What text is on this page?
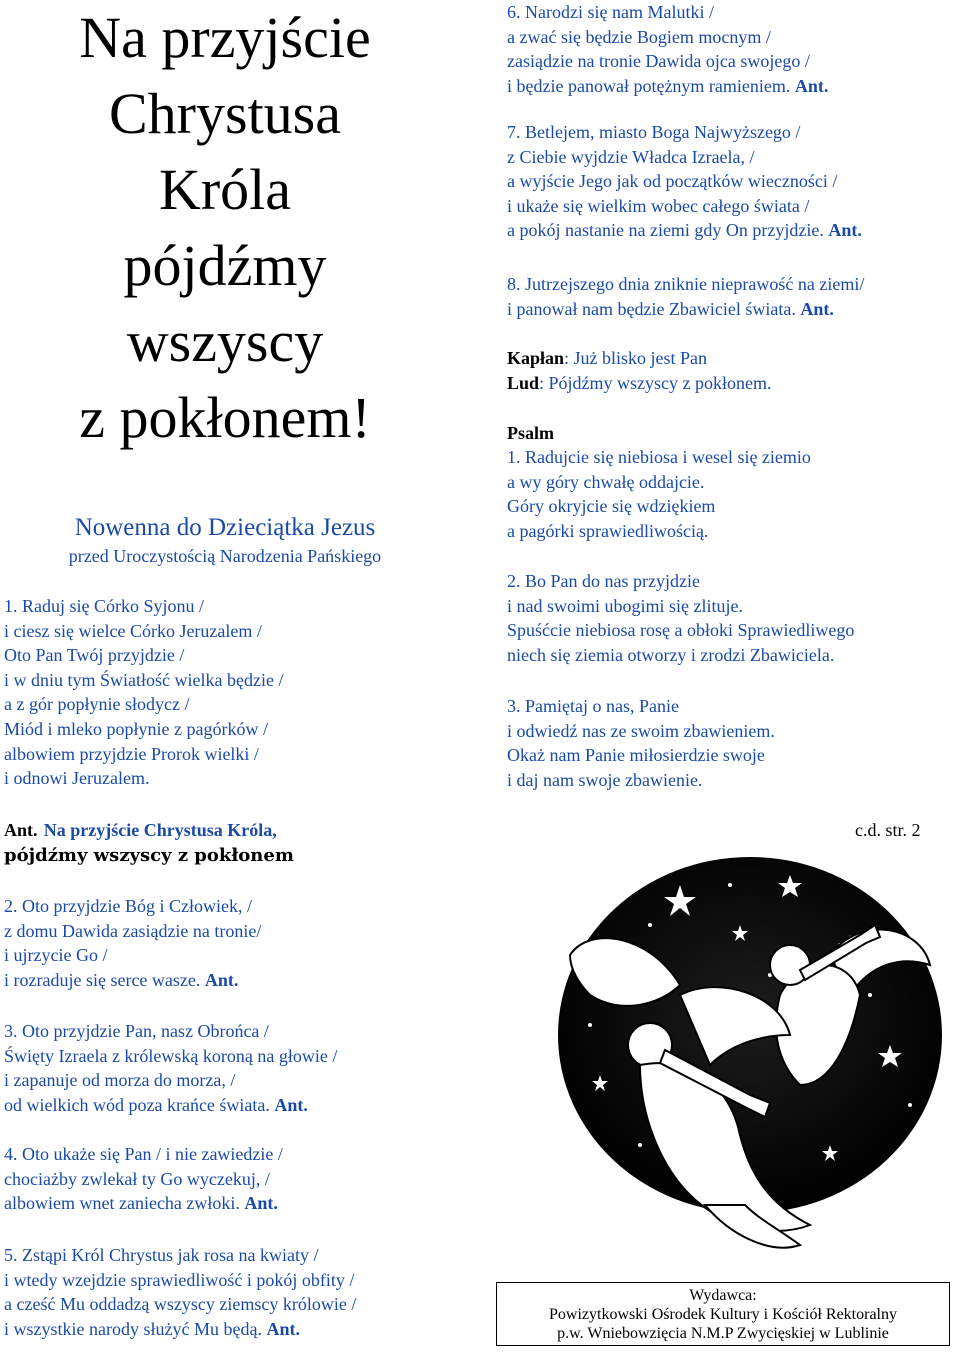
Na przyjście
Chrystusa
Króla
pójdźmy
wszyscy
z pokłonem!
Nowenna do Dzieciątka Jezus
przed Uroczystością Narodzenia Pańskiego
1. Raduj się Córko Syjonu /
i ciesz się wielce Córko Jeruzalem /
Oto Pan Twój przyjdzie /
i w dniu tym Światłość wielka będzie /
a z gór popłynie słodycz /
Miód i mleko popłynie z pagórków /
albowiem przyjdzie Prorok wielki /
i odnowi Jeruzalem.
Ant. Na przyjście Chrystusa Króla,
pójdźmy wszyscy z pokłonem
c.d. str. 2
2. Oto przyjdzie Bóg i Człowiek, /
z domu Dawida zasiądzie na tronie/
i ujrzycie Go /
i rozraduje się serce wasze. Ant.
3. Oto przyjdzie Pan, nasz Obrońca /
Święty Izraela z królewską koroną na głowie /
i zapanuje od morza do morza, /
od wielkich wód poza krańce świata. Ant.
4. Oto ukaże się Pan / i nie zawiedzie /
chociażby zwlekał ty Go wyczekuj, /
albowiem wnet zaniecha zwłoki. Ant.
5. Zstąpi Król Chrystus jak rosa na kwiaty /
i wtedy wzejdzie sprawiedliwość i pokój obfity /
a cześć Mu oddadzą wszyscy ziemscy królowie /
i wszystkie narody służyć Mu będą. Ant.
6. Narodzi się nam Malutki /
a zwać się będzie Bogiem mocnym /
zasiądzie na tronie Dawida ojca swojego /
i będzie panował potężnym ramieniem. Ant.
7. Betlejem, miasto Boga Najwyższego /
z Ciebie wyjdzie Władca Izraela, /
a wyjście Jego jak od początków wieczności /
i ukaże się wielkim wobec całego świata /
a pokój nastanie na ziemi gdy On przyjdzie. Ant.
8. Jutrzejszego dnia zniknie nieprawość na ziemi/
i panował nam będzie Zbawiciel świata. Ant.
Kapłan: Już blisko jest Pan
Lud: Pójdźmy wszyscy z pokłonem.
Psalm
1. Radujcie się niebiosa i wesel się ziemio
a wy góry chwałę oddajcie.
Góry okryjcie się wdziękiem
a pagórki sprawiedliwością.
2. Bo Pan do nas przyjdzie
i nad swoimi ubogimi się zlituje.
Spuśćcie niebiosa rosę a obłoki Sprawiedliwego
niech się ziemia otworzy i zrodzi Zbawiciela.
3. Pamiętaj o nas, Panie
i odwiedź nas ze swoim zbawieniem.
Okaż nam Panie miłosierdzie swoje
i daj nam swoje zbawienie.
Wydawca:
Powizytkowski Ośrodek Kultury i Kościół Rektoralny
p.w. Wniebowzięcia N.M.P Zwycięskiej w Lublinie
